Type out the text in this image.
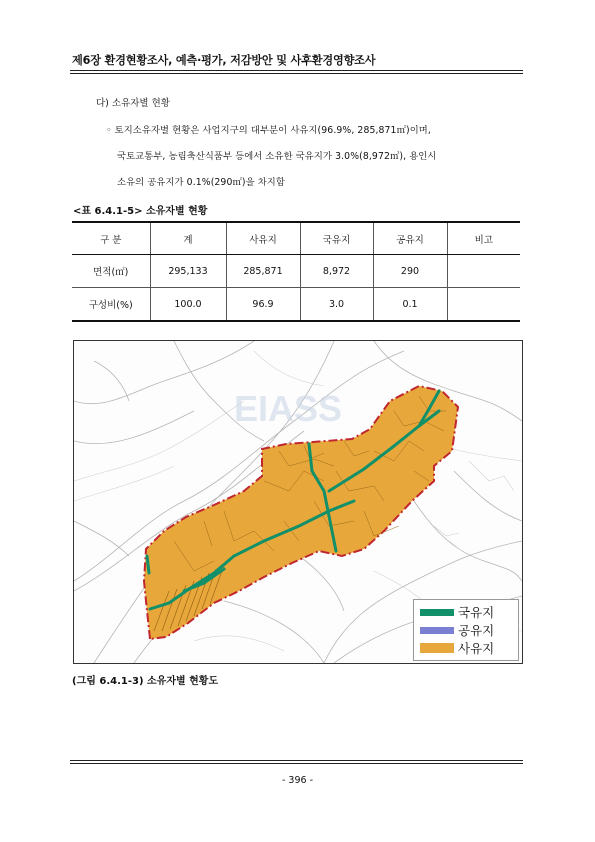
제6장 환경현황조사, 예측·평가, 저감방안 및 사후환경영향조사
다) 소유자별 현황
◦ 토지소유자별 현황은 사업지구의 대부분이 사유지(96.9%, 285,871㎡)이며,
국토교통부, 농림축산식품부 등에서 소유한 국유지가 3.0%(8,972㎡), 용인시
소유의 공유지가 0.1%(290㎡)을 차지함
<표 6.4.1-5> 소유자별 현황
구 분	계	사유지	국유지	공유지	비고
면적(㎡)	295,133	285,871	8,972	290	
구성비(%)	100.0	96.9	3.0	0.1	
EIASS
국유지
공유지
사유지
(그림 6.4.1-3) 소유자별 현황도
- 396 -
